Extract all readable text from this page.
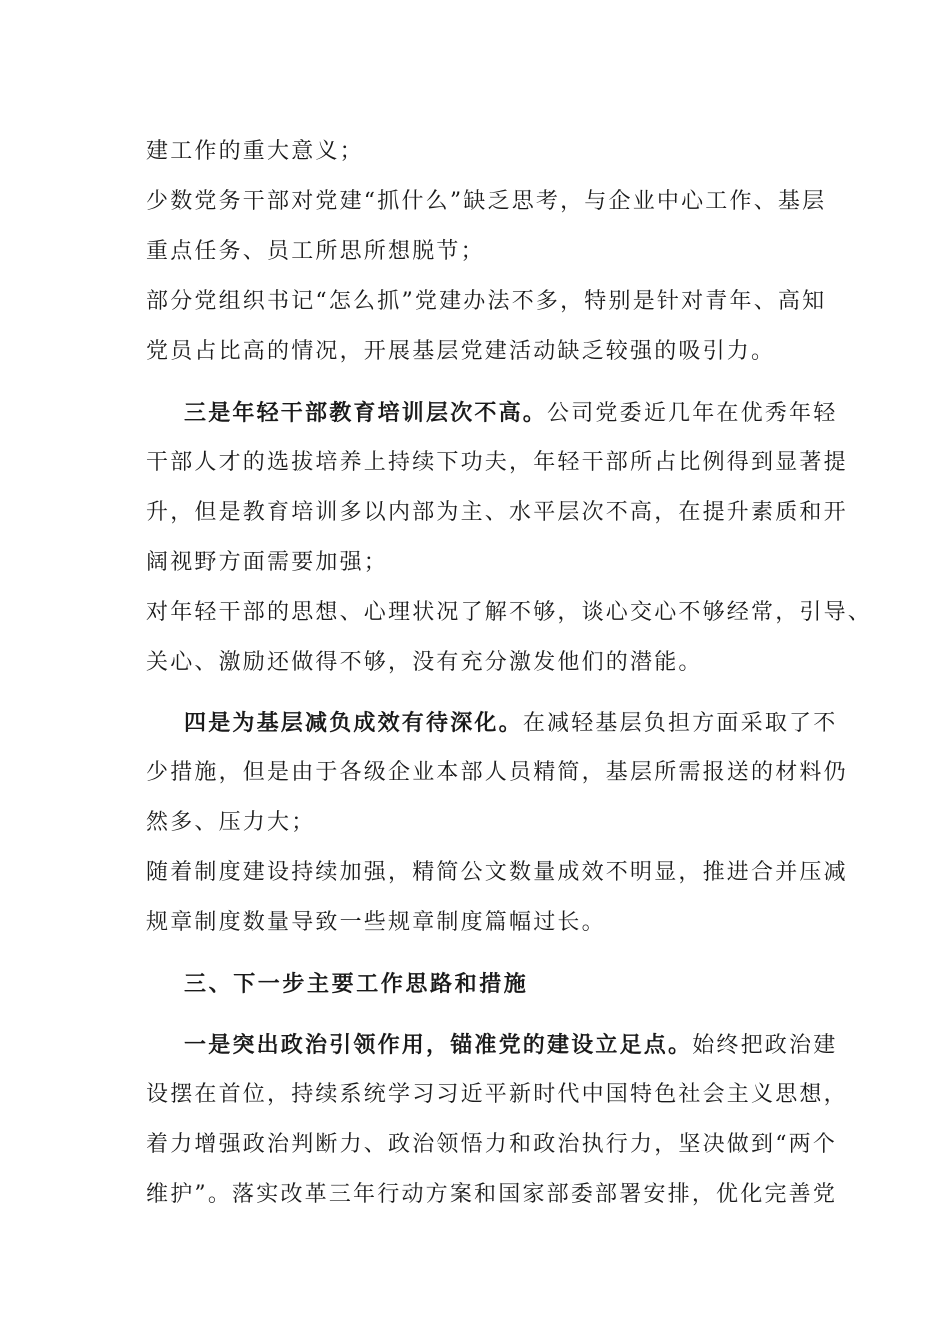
建工作的重大意义；
少数党务干部对党建“抓什么”缺乏思考，与企业中心工作、基层
重点任务、员工所思所想脱节；
部分党组织书记“怎么抓”党建办法不多，特别是针对青年、高知
党员占比高的情况，开展基层党建活动缺乏较强的吸引力。
三是年轻干部教育培训层次不高。公司党委近几年在优秀年轻
干部人才的选拔培养上持续下功夫，年轻干部所占比例得到显著提
升，但是教育培训多以内部为主、水平层次不高，在提升素质和开
阔视野方面需要加强；
对年轻干部的思想、心理状况了解不够，谈心交心不够经常，引导、
关心、激励还做得不够，没有充分激发他们的潜能。
四是为基层减负成效有待深化。在减轻基层负担方面采取了不
少措施，但是由于各级企业本部人员精简，基层所需报送的材料仍
然多、压力大；
随着制度建设持续加强，精简公文数量成效不明显，推进合并压减
规章制度数量导致一些规章制度篇幅过长。
三、下一步主要工作思路和措施
一是突出政治引领作用，锚准党的建设立足点。始终把政治建
设摆在首位，持续系统学习习近平新时代中国特色社会主义思想，
着力增强政治判断力、政治领悟力和政治执行力，坚决做到“两个
维护”。落实改革三年行动方案和国家部委部署安排，优化完善党
